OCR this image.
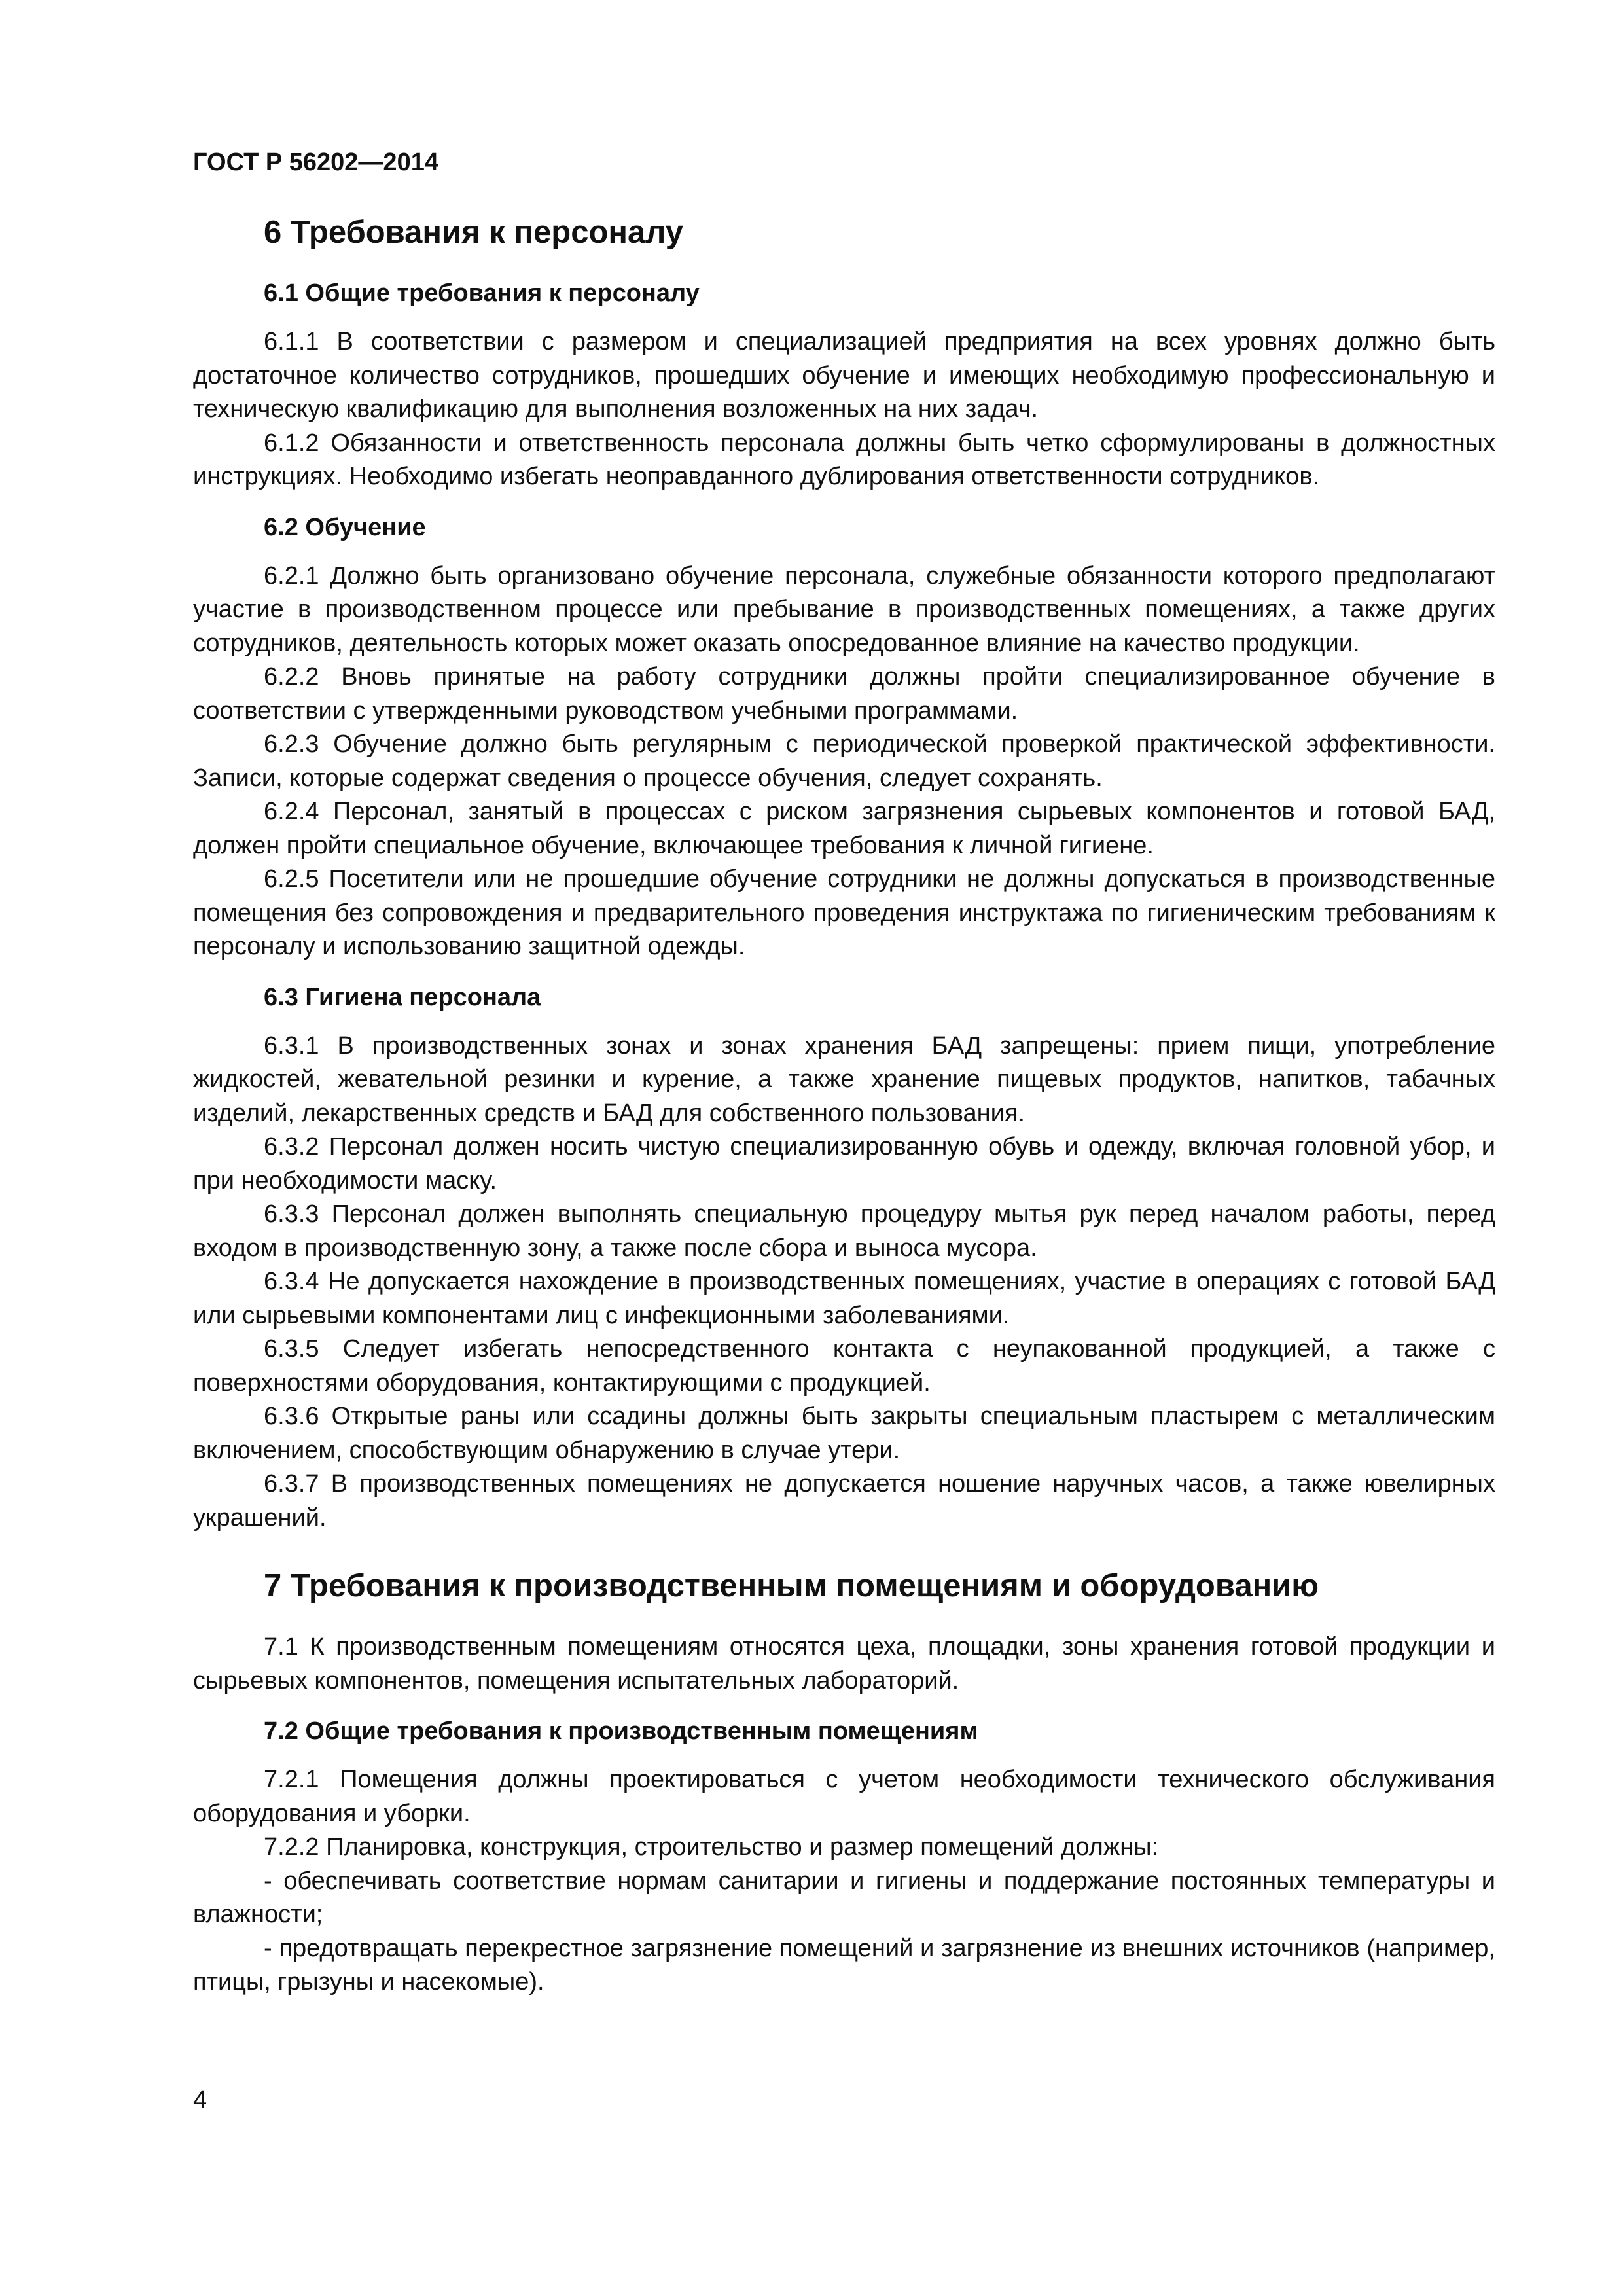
ГОСТ Р 56202—2014
6 Требования к персоналу
6.1 Общие требования к персоналу

6.1.1 В соответствии с размером и специализацией предприятия на всех уровнях должно быть достаточное количество сотрудников, прошедших обучение и имеющих необходимую профессиональную и техническую квалификацию для выполнения возложенных на них задач.

6.1.2 Обязанности и ответственность персонала должны быть четко сформулированы в должностных инструкциях. Необходимо избегать неоправданного дублирования ответственности сотрудников.

6.2 Обучение

6.2.1 Должно быть организовано обучение персонала, служебные обязанности которого предполагают участие в производственном процессе или пребывание в производственных помещениях, а также других сотрудников, деятельность которых может оказать опосредованное влияние на качество продукции.

6.2.2 Вновь принятые на работу сотрудники должны пройти специализированное обучение в соответствии с утвержденными руководством учебными программами.

6.2.3 Обучение должно быть регулярным с периодической проверкой практической эффективности. Записи, которые содержат сведения о процессе обучения, следует сохранять.

6.2.4 Персонал, занятый в процессах с риском загрязнения сырьевых компонентов и готовой БАД, должен пройти специальное обучение, включающее требования к личной гигиене.

6.2.5 Посетители или не прошедшие обучение сотрудники не должны допускаться в производственные помещения без сопровождения и предварительного проведения инструктажа по гигиеническим требованиям к персоналу и использованию защитной одежды.

6.3 Гигиена персонала

6.3.1 В производственных зонах и зонах хранения БАД запрещены: прием пищи, употребление жидкостей, жевательной резинки и курение, а также хранение пищевых продуктов, напитков, табачных изделий, лекарственных средств и БАД для собственного пользования.

6.3.2 Персонал должен носить чистую специализированную обувь и одежду, включая головной убор, и при необходимости маску.

6.3.3 Персонал должен выполнять специальную процедуру мытья рук перед началом работы, перед входом в производственную зону, а также после сбора и выноса мусора.

6.3.4 Не допускается нахождение в производственных помещениях, участие в операциях с готовой БАД или сырьевыми компонентами лиц с инфекционными заболеваниями.

6.3.5 Следует избегать непосредственного контакта с неупакованной продукцией, а также с поверхностями оборудования, контактирующими с продукцией.

6.3.6 Открытые раны или ссадины должны быть закрыты специальным пластырем с металлическим включением, способствующим обнаружению в случае утери.

6.3.7 В производственных помещениях не допускается ношение наручных часов, а также ювелирных украшений.

7 Требования к производственным помещениям и оборудованию

7.1 К производственным помещениям относятся цеха, площадки, зоны хранения готовой продукции и сырьевых компонентов, помещения испытательных лабораторий.

7.2 Общие требования к производственным помещениям

7.2.1 Помещения должны проектироваться с учетом необходимости технического обслуживания оборудования и уборки.

7.2.2 Планировка, конструкция, строительство и размер помещений должны:

- обеспечивать соответствие нормам санитарии и гигиены и поддержание постоянных температуры и влажности;

- предотвращать перекрестное загрязнение помещений и загрязнение из внешних источников (например, птицы, грызуны и насекомые).

4
